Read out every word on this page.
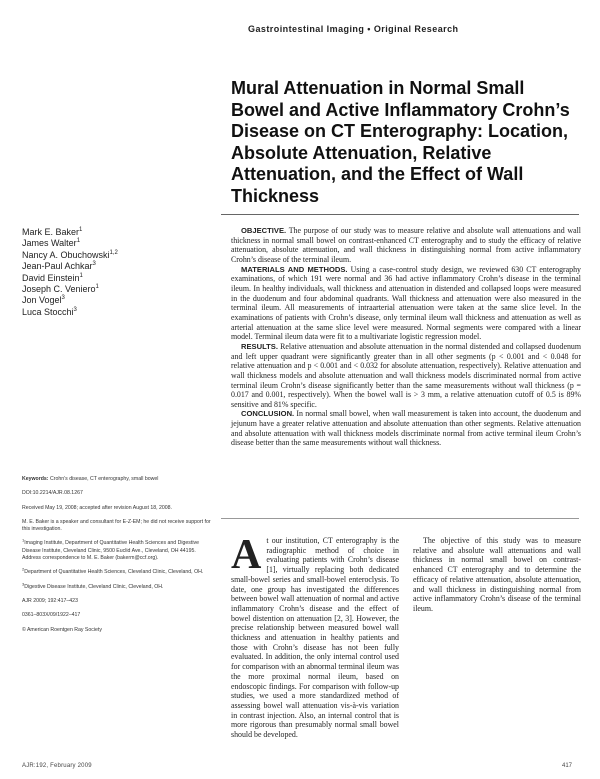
Gastrointestinal Imaging • Original Research
Mural Attenuation in Normal Small Bowel and Active Inflammatory Crohn’s Disease on CT Enterography: Location, Absolute Attenuation, Relative Attenuation, and the Effect of Wall Thickness
Mark E. Baker$^1$
James Walter$^1$
Nancy A. Obuchowski$^{1,2}$
Jean-Paul Achkar$^3$
David Einstein$^1$
Joseph C. Veniero$^1$
Jon Vogel$^3$
Luca Stocchi$^3$

OBJECTIVE. The purpose of our study was to measure relative and absolute wall attenuations and wall thickness in normal small bowel on contrast-enhanced CT enterography and to study the efficacy of relative attenuation, absolute attenuation, and wall thickness in distinguishing normal from active inflammatory Crohn’s disease of the terminal ileum.

MATERIALS AND METHODS. Using a case-control study design, we reviewed 630 CT enterography examinations, of which 191 were normal and 36 had active inflammatory Crohn’s disease in the terminal ileum. In healthy individuals, wall thickness and attenuation in distended and collapsed loops were measured in the duodenum and four abdominal quadrants. Wall thickness and attenuation were also measured in the terminal ileum. All measurements of intraarterial attenuation were taken at the same slice level. In the examinations of patients with Crohn’s disease, only terminal ileum wall thickness and attenuation as well as arterial attenuation at the same slice level were measured. Normal segments were compared with a linear model. Terminal ileum data were fit to a multivariate logistic regression model.

RESULTS. Relative attenuation and absolute attenuation in the normal distended and collapsed duodenum and left upper quadrant were significantly greater than in all other segments (p < 0.001 and < 0.048 for relative attenuation and p < 0.001 and < 0.032 for absolute attenuation, respectively). Relative attenuation and wall thickness models and absolute attenuation and wall thickness models discriminated normal from active terminal ileum Crohn’s disease significantly better than the same measurements without wall thickness (p = 0.017 and 0.001, respectively). When the bowel wall is > 3 mm, a relative attenuation cutoff of 0.5 is 89% sensitive and 81% specific.

CONCLUSION. In normal small bowel, when wall measurement is taken into account, the duodenum and jejunum have a greater relative attenuation and absolute attenuation than other segments. Relative attenuation and absolute attenuation with wall thickness models discriminate normal from active terminal ileum Crohn’s disease better than the same measurements without wall thickness.

Keywords: Crohn’s disease, CT enterography, small bowel

DOI:10.2214/AJR.08.1267

Received May 19, 2008; accepted after revision August 18, 2008.

M. E. Baker is a speaker and consultant for E-Z-EM; he did not receive support for this investigation.

$^1$Imaging Institute, Department of Quantitative Health Sciences and Digestive Disease Institute, Cleveland Clinic, 9500 Euclid Ave., Cleveland, OH 44195. Address correspondence to M. E. Baker (bakerm@ccf.org).

$^2$Department of Quantitative Health Sciences, Cleveland Clinic, Cleveland, OH.

$^3$Digestive Disease Institute, Cleveland Clinic, Cleveland, OH.

AJR 2009; 192:417–423

0361–803X/09/1922–417

© American Roentgen Ray Society

At our institution, CT enterography is the radiographic method of choice in evaluating patients with Crohn’s disease [1], virtually replacing both dedicated small-bowel series and small-bowel enteroclysis. To date, one group has investigated the differences between bowel wall attenuation of normal and active inflammatory Crohn’s disease and the effect of bowel distention on attenuation [2, 3]. However, the precise relationship between measured bowel wall thickness and attenuation in healthy patients and those with Crohn’s disease has not been fully evaluated. In addition, the only internal control used for comparison with an abnormal terminal ileum was the more proximal normal ileum, based on endoscopic findings. For comparison with follow-up studies, we used a more standardized method of assessing bowel wall attenuation vis-à-vis variation in contrast injection. Also, an internal control that is more rigorous than presumably normal small bowel should be developed.

The objective of this study was to measure relative and absolute wall attenuations and wall thickness in normal small bowel on contrast-enhanced CT enterography and to determine the efficacy of relative attenuation, absolute attenuation, and wall thickness in distinguishing normal from active inflammatory Crohn’s disease of the terminal ileum.

AJR:192, February 2009	417
